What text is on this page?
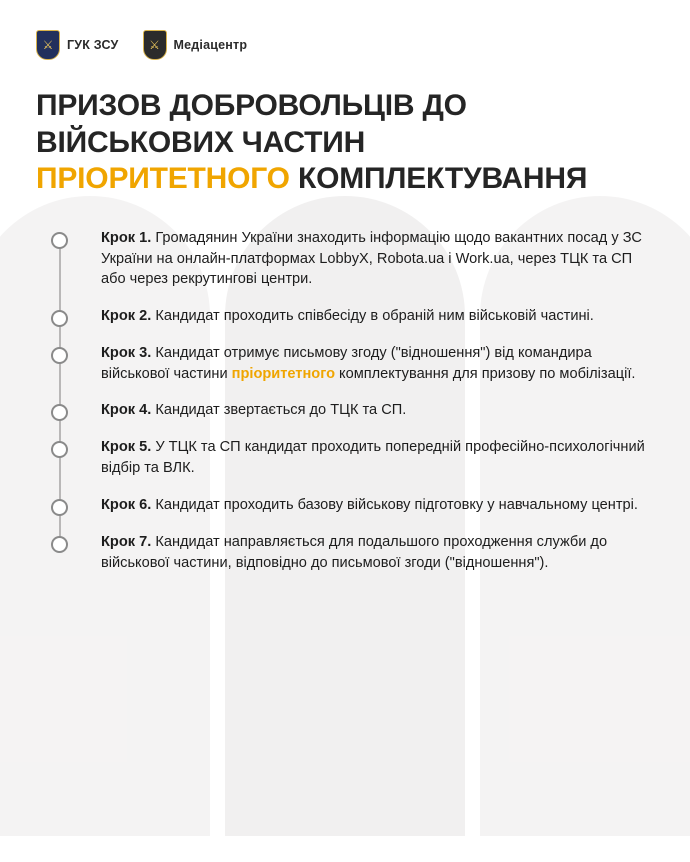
⚔ ГУК ЗСУ	⚔ Медіацентр
ПРИЗОВ ДОБРОВОЛЬЦІВ ДО
ВІЙСЬКОВИХ ЧАСТИН
ПРІОРИТЕТНОГО КОМПЛЕКТУВАННЯ
Крок 1. Громадянин України знаходить інформацію щодо вакантних посад у ЗС України на онлайн-платформах LobbyX, Robota.ua і Work.ua, через ТЦК та СП або через рекрутингові центри.
Крок 2. Кандидат проходить співбесіду в обраній ним військовій частині.
Крок 3. Кандидат отримує письмову згоду ("відношення") від командира військової частини пріоритетного комплектування для призову по мобілізації.
Крок 4. Кандидат звертається до ТЦК та СП.
Крок 5. У ТЦК та СП кандидат проходить попередній професійно-психологічний відбір та ВЛК.
Крок 6. Кандидат проходить базову військову підготовку у навчальному центрі.
Крок 7. Кандидат направляється для подальшого проходження служби до військової частини, відповідно до письмової згоди ("відношення").
